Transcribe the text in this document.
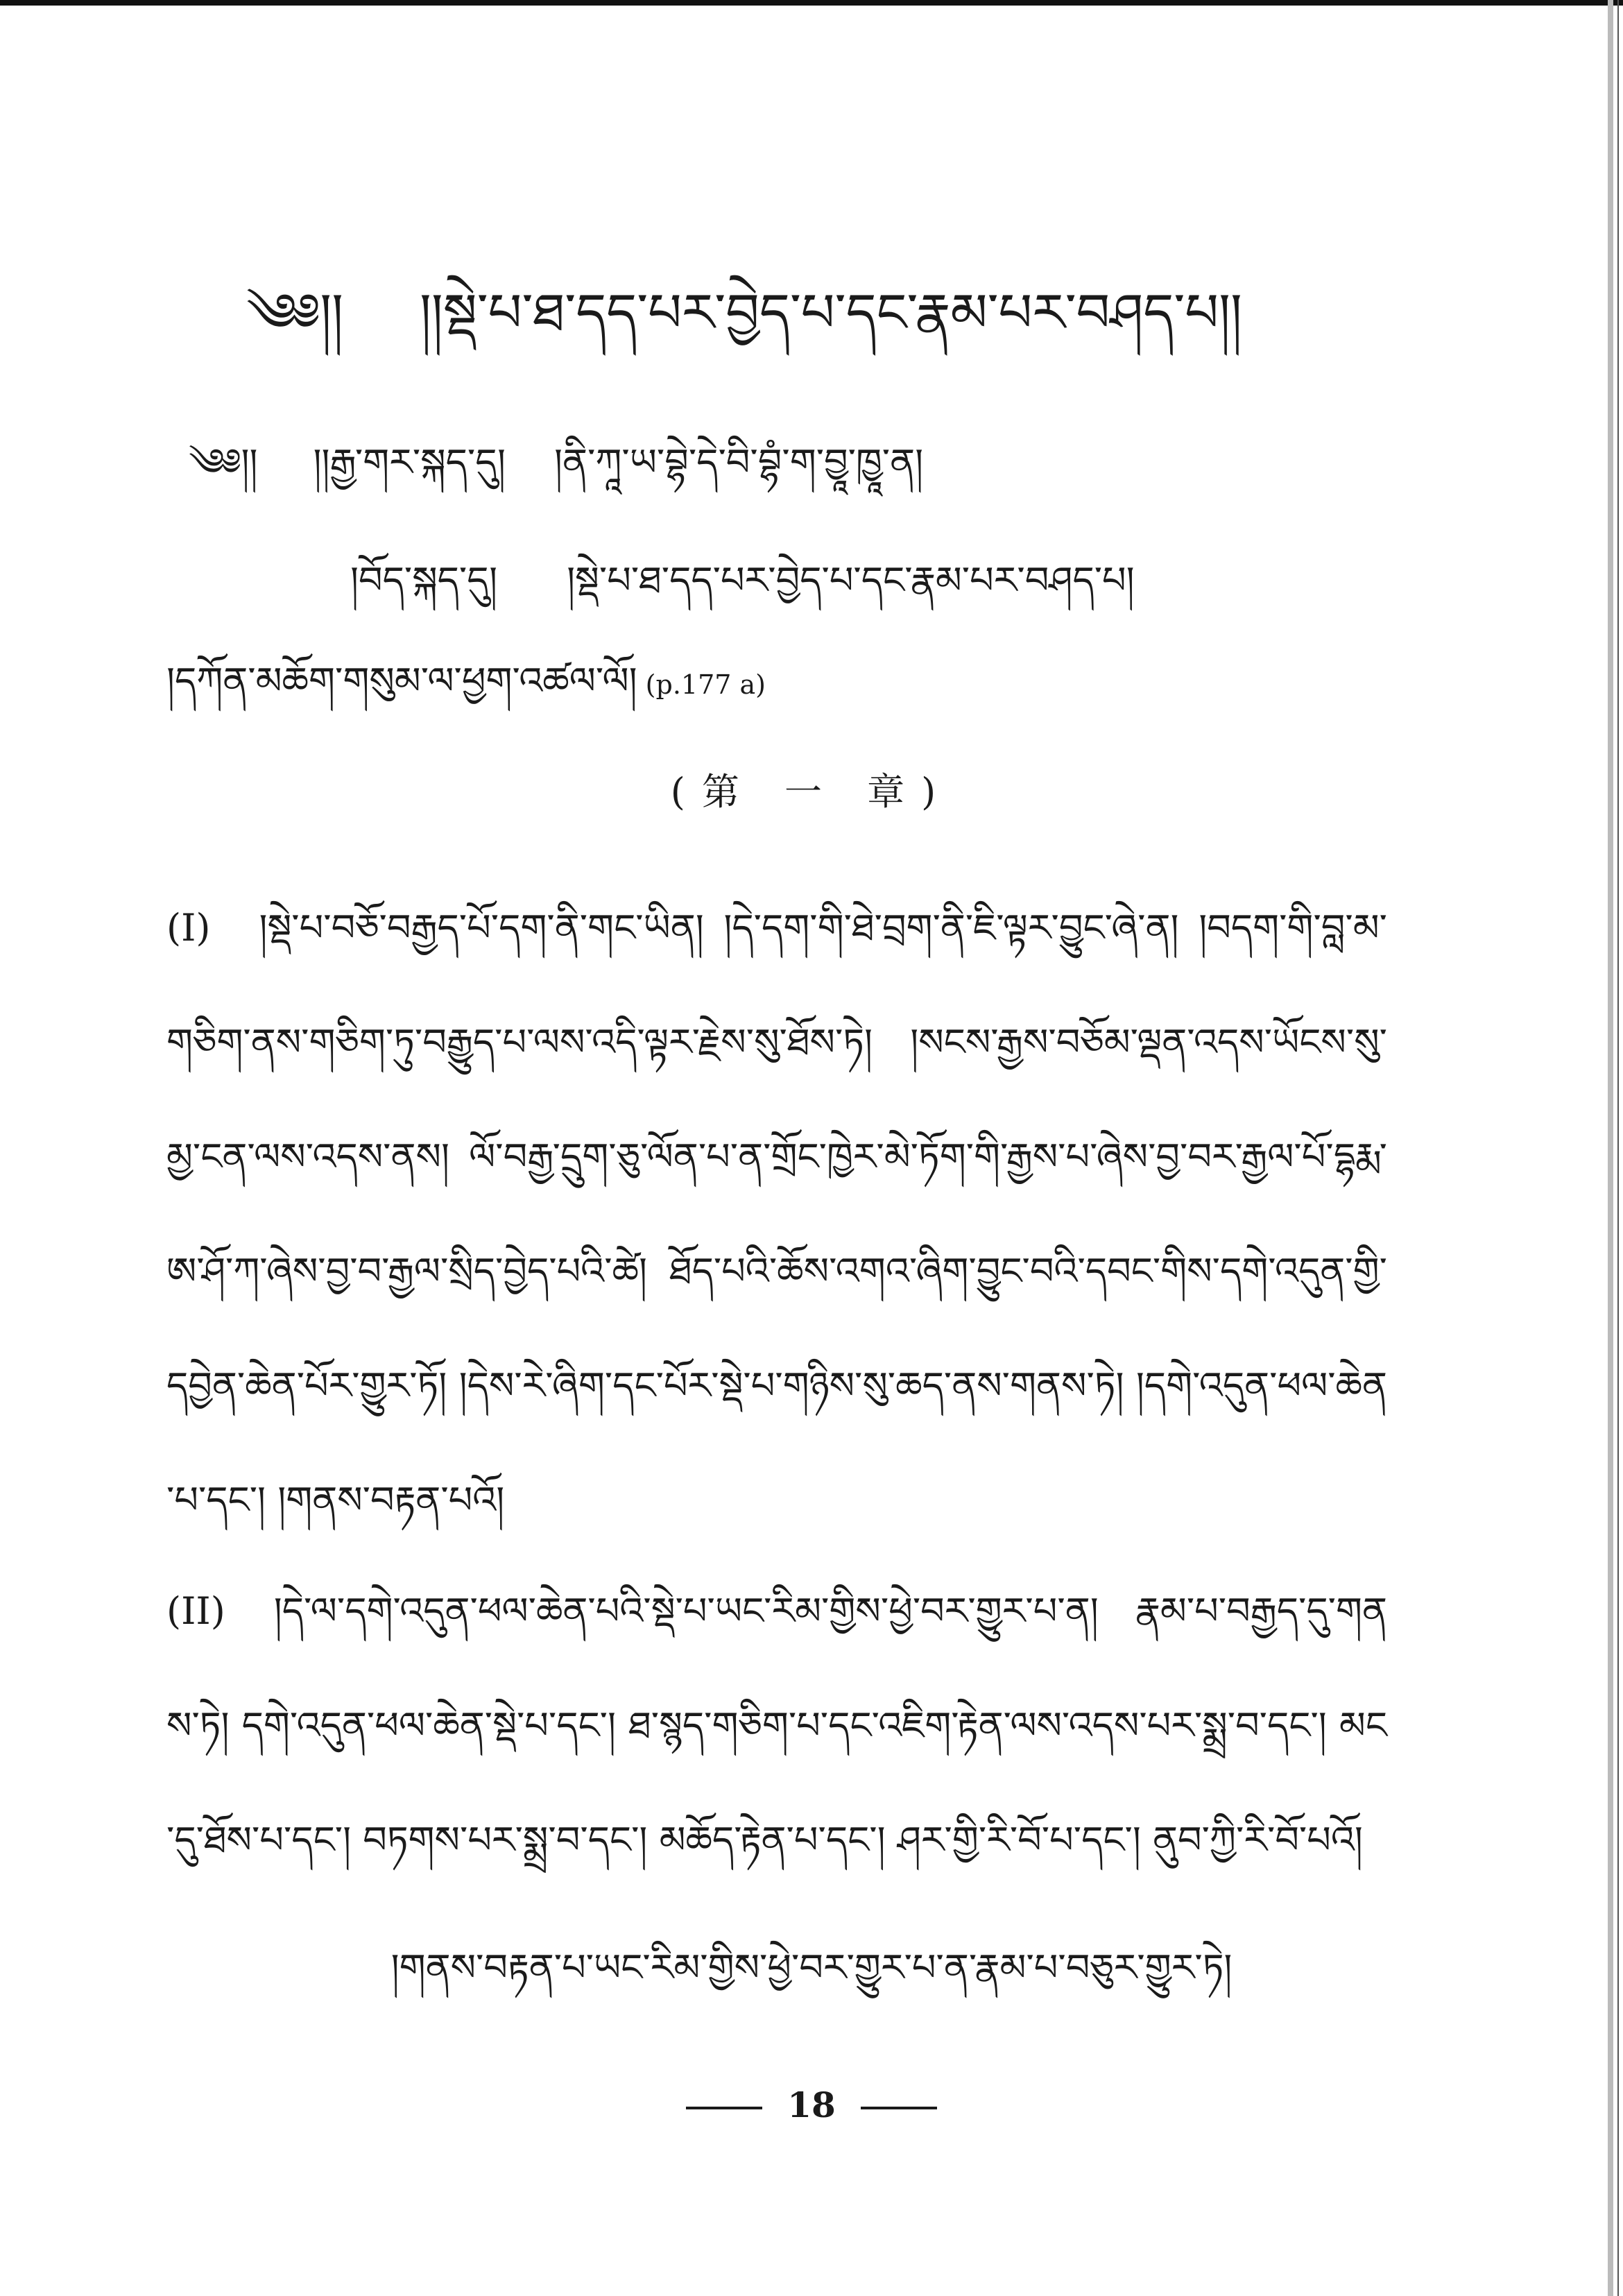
༄༅།། །།སྡེ་པ་ཐ་དད་པར་བྱེད་པ་དང་རྣམ་པར་བཤད་པ།།
༄༅།། །།རྒྱ་གར་སྐད་དུ། །ནི་ཀཱ་ཡ་བྷེ་དེ་བི་བྷཾ་ག་བྱཱ་ཁྱཱ་ན།
།བོད་སྐད་དུ། །སྡེ་པ་ཐ་དད་པར་བྱེད་པ་དང་རྣམ་པར་བཤད་པ།
།དཀོན་མཆོག་གསུམ་ལ་ཕྱག་འཚལ་ལོ། (p.177 a)
(第 一 章)
(I) །སྡེ་པ་བཅོ་བརྒྱད་པོ་དག་ནི་གང་ཡིན། །དེ་དག་གི་ཐེ་བྲག་ནི་ཇི་ལྟར་བྱུང་ཞེ་ན། །བདག་གི་བླ་མ་གཅིག་ནས་གཅིག་ཏུ་བརྒྱུད་པ་ལས་འདི་ལྟར་རྗེས་སུ་ཐོས་ཏེ། །སངས་རྒྱས་བཅོམ་ལྡན་འདས་ཡོངས་སུ་མྱ་ངན་ལས་འདས་ནས། ལོ་བརྒྱ་དྲུག་ཅུ་ལོན་པ་ན་གྲོང་ཁྱེར་མེ་ཏོག་གི་རྒྱས་པ་ཞེས་བྱ་བར་རྒྱལ་པོ་དྷརྨ་ཨ་ཤོ་ཀ་ཞེས་བྱ་བ་རྒྱལ་སྲིད་བྱེད་པའི་ཚེ། ཐོད་པའི་ཆོས་འགའ་ཞིག་བྱུང་བའི་དབང་གིས་དགེ་འདུན་གྱི་དབྱེན་ཆེན་པོར་གྱུར་ཏོ། །དེས་རེ་ཞིག་དང་པོར་སྡེ་པ་གཉིས་སུ་ཆད་ནས་གནས་ཏེ། །དགེ་འདུན་ཕལ་ཆེན་པ་དང་། །གནས་བརྟན་པའོ།
(II) །དེ་ལ་དགེ་འདུན་ཕལ་ཆེན་པའི་སྡེ་པ་ཡང་རིམ་གྱིས་ཕྱེ་བར་གྱུར་པ་ན། རྣམ་པ་བརྒྱད་དུ་གནས་ཏེ། དགེ་འདུན་ཕལ་ཆེན་སྡེ་པ་དང་། ཐ་སྙད་གཅིག་པ་དང་འཇིག་རྟེན་ལས་འདས་པར་སྨྲ་བ་དང་། མང་དུ་ཐོས་པ་དང་། བཏགས་པར་སྨྲ་བ་དང་། མཆོད་རྟེན་པ་དང་། ཤར་གྱི་རི་བོ་པ་དང་། ནུབ་ཀྱི་རི་བོ་པའོ།
།གནས་བརྟན་པ་ཡང་རིམ་གྱིས་ཕྱེ་བར་གྱུར་པ་ན་རྣམ་པ་བཅུར་གྱུར་ཏེ།
18
